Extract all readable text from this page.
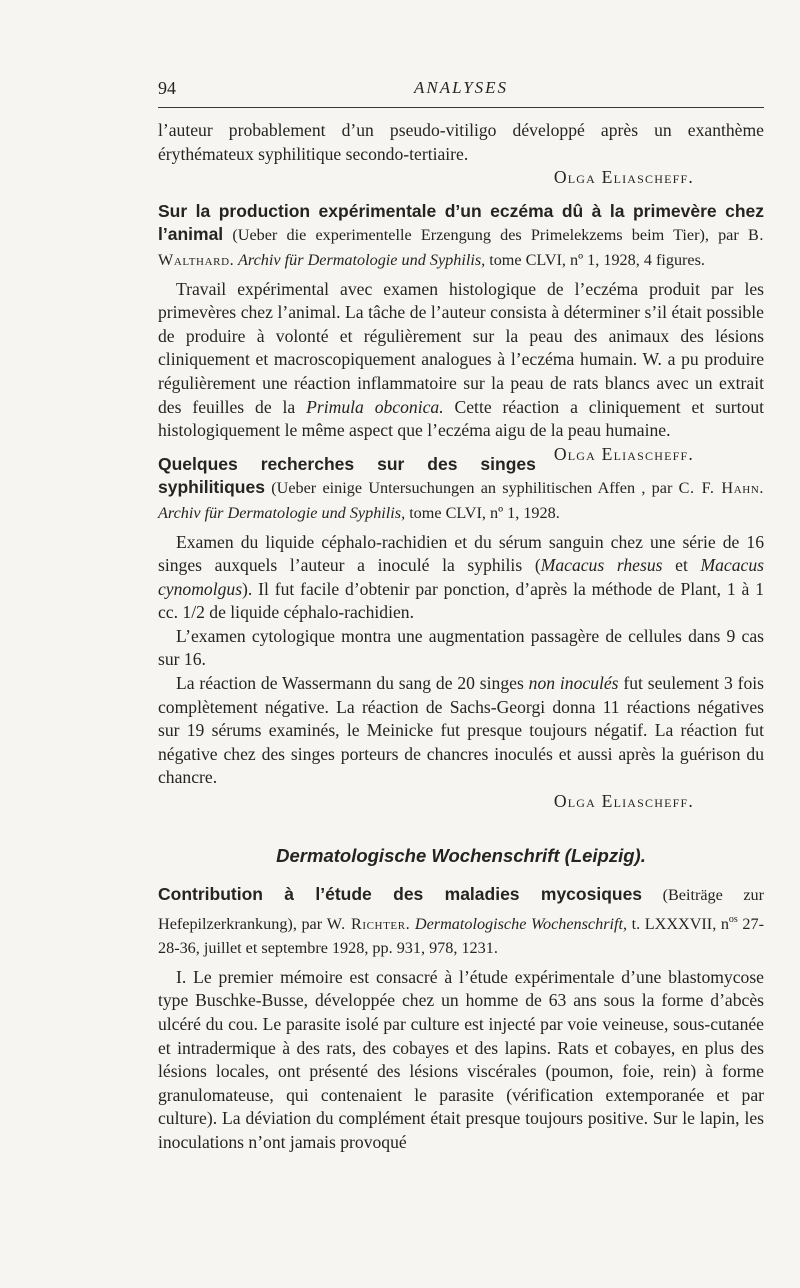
94	ANALYSES

l’auteur probablement d’un pseudo-vitiligo développé après un exanthème érythémateux syphilitique secondo-tertiaire.

Olga Eliascheff.

Sur la production expérimentale d’un eczéma dû à la primevère chez l’animal (Ueber die experimentelle Erzengung des Primelekzems beim Tier), par B. Walthard. Archiv für Dermatologie und Syphilis, tome CLVI, nº 1, 1928, 4 figures.

Travail expérimental avec examen histologique de l’eczéma produit par les primevères chez l’animal. La tâche de l’auteur consista à déterminer s’il était possible de produire à volonté et régulièrement sur la peau des animaux des lésions cliniquement et macroscopiquement analogues à l’eczéma humain. W. a pu produire régulièrement une réaction inflammatoire sur la peau de rats blancs avec un extrait des feuilles de la Primula obconica. Cette réaction a cliniquement et surtout histologiquement le même aspect que l’eczéma aigu de la peau humaine.
Olga Eliascheff.

Quelques recherches sur des singes syphilitiques (Ueber einige Untersuchungen an syphilitischen Affen , par C. F. Hahn. Archiv für Dermatologie und Syphilis, tome CLVI, nº 1, 1928.

Examen du liquide céphalo-rachidien et du sérum sanguin chez une série de 16 singes auxquels l’auteur a inoculé la syphilis (Macacus rhesus et Macacus cynomolgus). Il fut facile d’obtenir par ponction, d’après la méthode de Plant, 1 à 1 cc. 1/2 de liquide céphalo-rachidien.

L’examen cytologique montra une augmentation passagère de cellules dans 9 cas sur 16.

La réaction de Wassermann du sang de 20 singes non inoculés fut seulement 3 fois complètement négative. La réaction de Sachs-Georgi donna 11 réactions négatives sur 19 sérums examinés, le Meinicke fut presque toujours négatif. La réaction fut négative chez des singes porteurs de chancres inoculés et aussi après la guérison du chancre.

Olga Eliascheff.

Dermatologische Wochenschrift (Leipzig).

Contribution à l’étude des maladies mycosiques (Beiträge zur Hefepilzerkrankung), par W. Richter. Dermatologische Wochenschrift, t. LXXXVII, n$^{os}$ 27-28-36, juillet et septembre 1928, pp. 931, 978, 1231.

I. Le premier mémoire est consacré à l’étude expérimentale d’une blastomycose type Buschke-Busse, développée chez un homme de 63 ans sous la forme d’abcès ulcéré du cou. Le parasite isolé par culture est injecté par voie veineuse, sous-cutanée et intradermique à des rats, des cobayes et des lapins. Rats et cobayes, en plus des lésions locales, ont présenté des lésions viscérales (poumon, foie, rein) à forme granulomateuse, qui contenaient le parasite (vérification extemporanée et par culture). La déviation du complément était presque toujours positive. Sur le lapin, les inoculations n’ont jamais provoqué
